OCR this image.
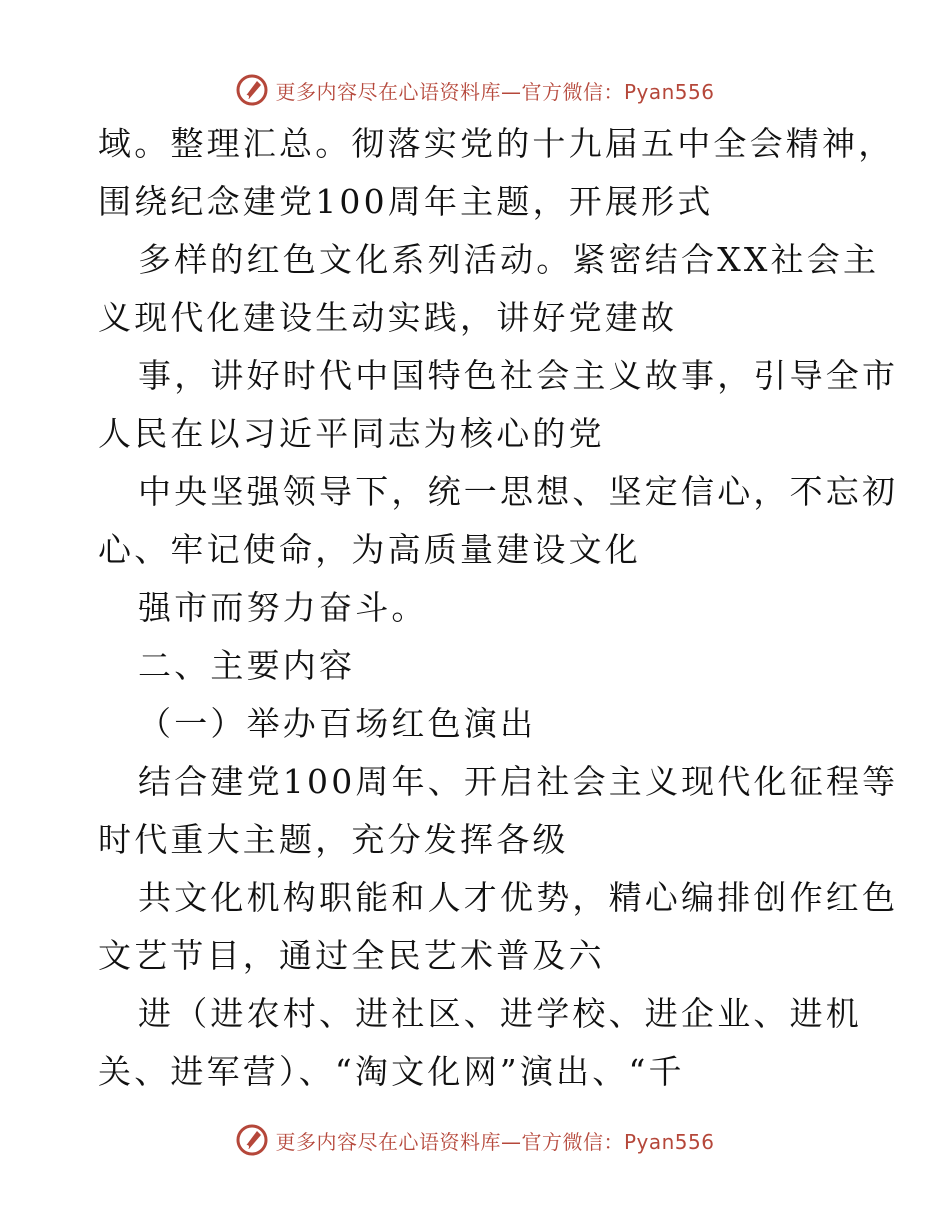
更多内容尽在心语资料库—官方微信：Pyan556
域。整理汇总。彻落实党的十九届五中全会精神，
围绕纪念建党100周年主题，开展形式
多样的红色文化系列活动。紧密结合XX社会主
义现代化建设生动实践，讲好党建故
事，讲好时代中国特色社会主义故事，引导全市
人民在以习近平同志为核心的党
中央坚强领导下，统一思想、坚定信心，不忘初
心、牢记使命，为高质量建设文化
强市而努力奋斗。
二、主要内容
（一）举办百场红色演出
结合建党100周年、开启社会主义现代化征程等
时代重大主题，充分发挥各级
共文化机构职能和人才优势，精心编排创作红色
文艺节目，通过全民艺术普及六
进（进农村、进社区、进学校、进企业、进机
关、进军营）、“淘文化网”演出、“千
更多内容尽在心语资料库—官方微信：Pyan556
